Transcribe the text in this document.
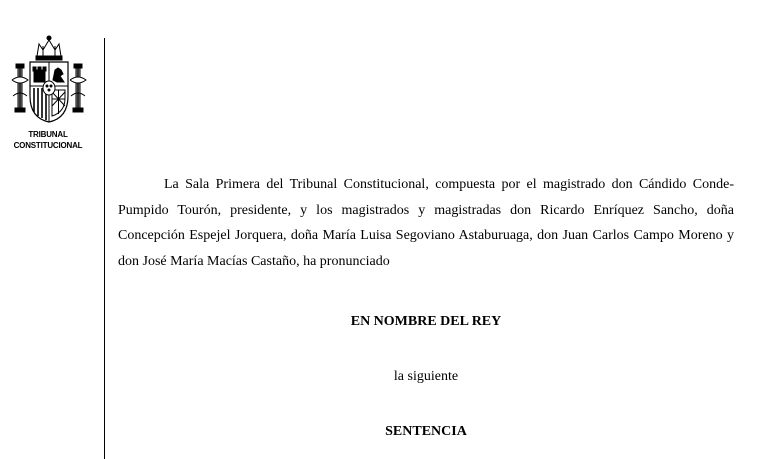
TRIBUNAL
CONSTITUCIONAL

La Sala Primera del Tribunal Constitucional, compuesta por el magistrado don Cándido Conde-Pumpido Tourón, presidente, y los magistrados y magistradas don Ricardo Enríquez Sancho, doña Concepción Espejel Jorquera, doña María Luisa Segoviano Astaburuaga, don Juan Carlos Campo Moreno y don José María Macías Castaño, ha pronunciado

EN NOMBRE DEL REY

la siguiente

SENTENCIA
